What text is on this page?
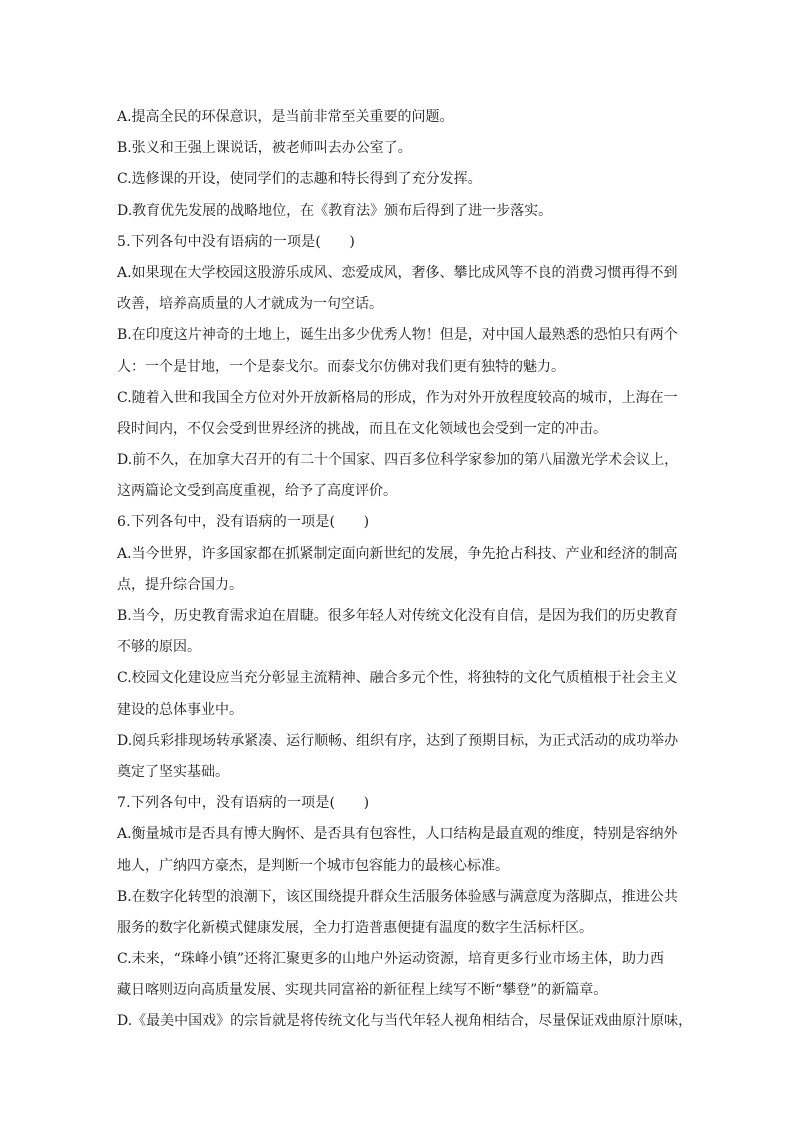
A.提高全民的环保意识，是当前非常至关重要的问题。
B.张义和王强上课说话，被老师叫去办公室了。
C.选修课的开设，使同学们的志趣和特长得到了充分发挥。
D.教育优先发展的战略地位，在《教育法》颁布后得到了进一步落实。
5.下列各句中没有语病的一项是(　　)
A.如果现在大学校园这股游乐成风、恋爱成风，奢侈、攀比成风等不良的消费习惯再得不到
改善，培养高质量的人才就成为一句空话。
B.在印度这片神奇的土地上，诞生出多少优秀人物！但是，对中国人最熟悉的恐怕只有两个
人：一个是甘地，一个是泰戈尔。而泰戈尔仿佛对我们更有独特的魅力。
C.随着入世和我国全方位对外开放新格局的形成，作为对外开放程度较高的城市，上海在一
段时间内，不仅会受到世界经济的挑战，而且在文化领域也会受到一定的冲击。
D.前不久，在加拿大召开的有二十个国家、四百多位科学家参加的第八届激光学术会议上，
这两篇论文受到高度重视，给予了高度评价。
6.下列各句中，没有语病的一项是(　　)
A.当今世界，许多国家都在抓紧制定面向新世纪的发展，争先抢占科技、产业和经济的制高
点，提升综合国力。
B.当今，历史教育需求迫在眉睫。很多年轻人对传统文化没有自信，是因为我们的历史教育
不够的原因。
C.校园文化建设应当充分彰显主流精神、融合多元个性，将独特的文化气质植根于社会主义
建设的总体事业中。
D.阅兵彩排现场转承紧凑、运行顺畅、组织有序，达到了预期目标，为正式活动的成功举办
奠定了坚实基础。
7.下列各句中，没有语病的一项是(　　)
A.衡量城市是否具有博大胸怀、是否具有包容性，人口结构是最直观的维度，特别是容纳外
地人，广纳四方豪杰，是判断一个城市包容能力的最核心标准。
B.在数字化转型的浪潮下，该区围绕提升群众生活服务体验感与满意度为落脚点，推进公共
服务的数字化新模式健康发展，全力打造普惠便捷有温度的数字生活标杆区。
C.未来，“珠峰小镇”还将汇聚更多的山地户外运动资源，培育更多行业市场主体，助力西
藏日喀则迈向高质量发展、实现共同富裕的新征程上续写不断“攀登”的新篇章。
D.《最美中国戏》的宗旨就是将传统文化与当代年轻人视角相结合，尽量保证戏曲原汁原味，
